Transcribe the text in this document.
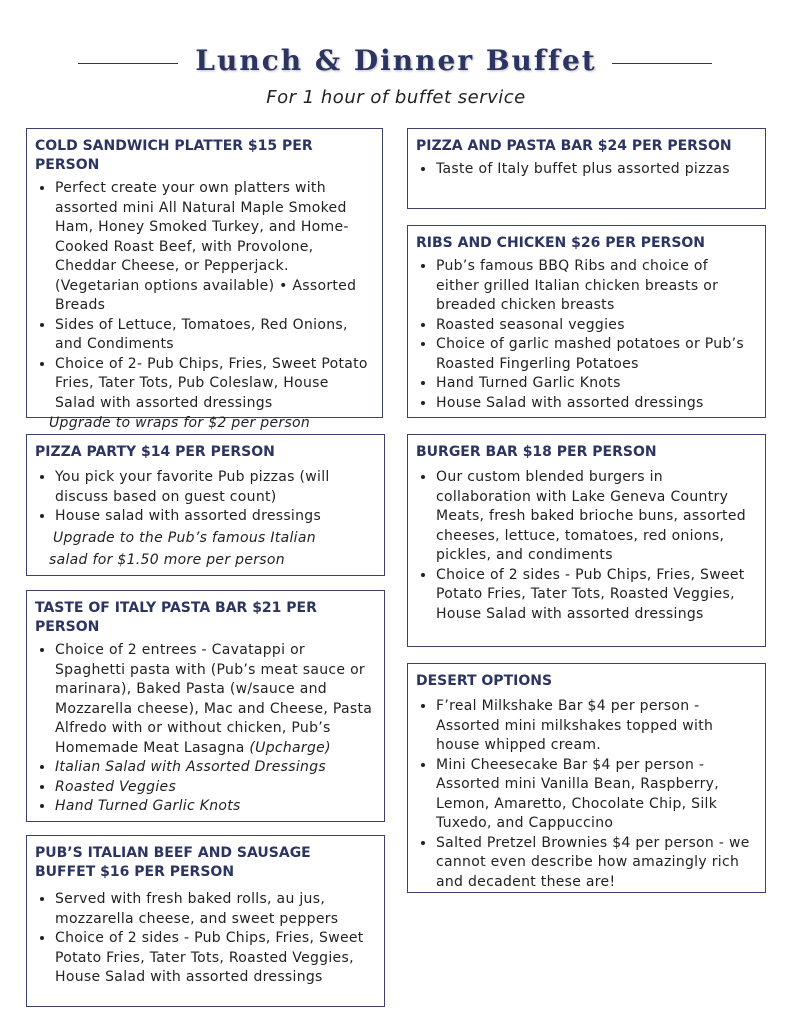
Lunch & Dinner Buffet
For 1 hour of buffet service
COLD SANDWICH PLATTER $15 PER PERSON
• Perfect create your own platters with assorted mini All Natural Maple Smoked Ham, Honey Smoked Turkey, and Home-Cooked Roast Beef, with Provolone, Cheddar Cheese, or Pepperjack. (Vegetarian options available) • Assorted Breads
• Sides of Lettuce, Tomatoes, Red Onions, and Condiments
• Choice of 2- Pub Chips, Fries, Sweet Potato Fries, Tater Tots, Pub Coleslaw, House Salad with assorted dressings
Upgrade to wraps for $2 per person
PIZZA PARTY $14 PER PERSON
• You pick your favorite Pub pizzas (will discuss based on guest count)
• House salad with assorted dressings
Upgrade to the Pub’s famous Italian
salad for $1.50 more per person
TASTE OF ITALY PASTA BAR $21 PER PERSON
• Choice of 2 entrees - Cavatappi or Spaghetti pasta with (Pub’s meat sauce or marinara), Baked Pasta (w/sauce and Mozzarella cheese), Mac and Cheese, Pasta Alfredo with or without chicken, Pub’s Homemade Meat Lasagna (Upcharge)
• Italian Salad with Assorted Dressings
• Roasted Veggies
• Hand Turned Garlic Knots
PUB’S ITALIAN BEEF AND SAUSAGE BUFFET $16 PER PERSON
• Served with fresh baked rolls, au jus, mozzarella cheese, and sweet peppers
• Choice of 2 sides - Pub Chips, Fries, Sweet Potato Fries, Tater Tots, Roasted Veggies, House Salad with assorted dressings
PIZZA AND PASTA BAR $24 PER PERSON
• Taste of Italy buffet plus assorted pizzas
RIBS AND CHICKEN $26 PER PERSON
• Pub’s famous BBQ Ribs and choice of either grilled Italian chicken breasts or breaded chicken breasts
• Roasted seasonal veggies
• Choice of garlic mashed potatoes or Pub’s Roasted Fingerling Potatoes
• Hand Turned Garlic Knots
• House Salad with assorted dressings
BURGER BAR $18 PER PERSON
• Our custom blended burgers in collaboration with Lake Geneva Country Meats, fresh baked brioche buns, assorted cheeses, lettuce, tomatoes, red onions, pickles, and condiments
• Choice of 2 sides - Pub Chips, Fries, Sweet Potato Fries, Tater Tots, Roasted Veggies, House Salad with assorted dressings
DESERT OPTIONS
• F’real Milkshake Bar $4 per person - Assorted mini milkshakes topped with house whipped cream.
• Mini Cheesecake Bar $4 per person - Assorted mini Vanilla Bean, Raspberry, Lemon, Amaretto, Chocolate Chip, Silk Tuxedo, and Cappuccino
• Salted Pretzel Brownies $4 per person - we cannot even describe how amazingly rich and decadent these are!
